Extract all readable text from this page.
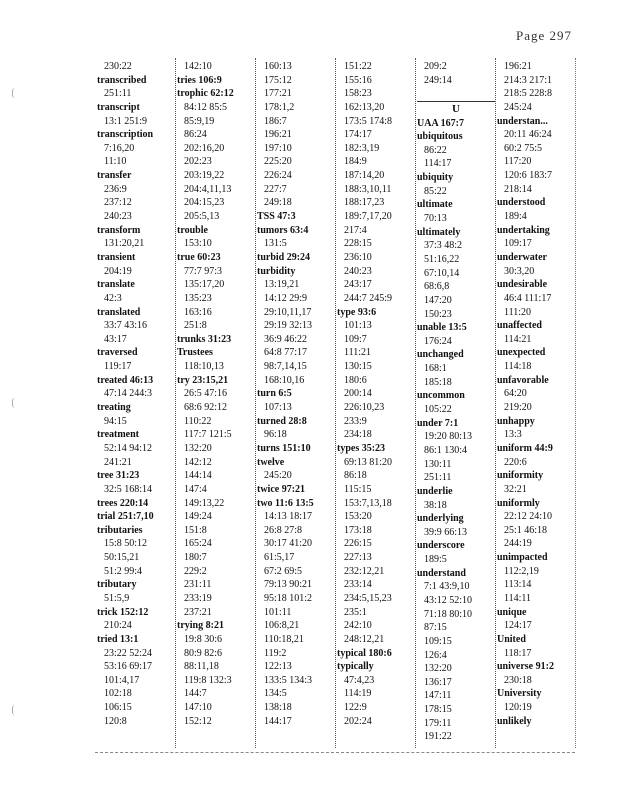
Page 297
230:22
transcribed
251:11
transcript
13:1 251:9
transcription
7:16,20
11:10
transfer
236:9
237:12
240:23
transform
131:20,21
transient
204:19
translate
42:3
translated
33:7 43:16
43:17
traversed
119:17
treated 46:13
47:14 244:3
treating
94:15
treatment
52:14 94:12
241:21
tree 31:23
32:5 168:14
trees 220:14
trial 251:7,10
tributaries
15:8 50:12
50:15,21
51:2 99:4
tributary
51:5,9
trick 152:12
210:24
tried 13:1
23:22 52:24
53:16 69:17
101:4,17
102:18
106:15
120:8
142:10
tries 106:9
trophic 62:12
84:12 85:5
85:9,19
86:24
202:16,20
202:23
203:19,22
204:4,11,13
204:15,23
205:5,13
trouble
153:10
true 60:23
77:7 97:3
135:17,20
135:23
163:16
251:8
trunks 31:23
Trustees
118:10,13
try 23:15,21
26:5 47:16
68:6 92:12
110:22
117:7 121:5
132:20
142:12
144:14
147:4
149:13,22
149:24
151:8
165:24
180:7
229:2
231:11
233:19
237:21
trying 8:21
19:8 30:6
80:9 82:6
88:11,18
119:8 132:3
144:7
147:10
152:12
160:13
175:12
177:21
178:1,2
186:7
196:21
197:10
225:20
226:24
227:7
249:18
TSS 47:3
tumors 63:4
131:5
turbid 29:24
turbidity
13:19,21
14:12 29:9
29:10,11,17
29:19 32:13
36:9 46:22
64:8 77:17
98:7,14,15
168:10,16
turn 6:5
107:13
turned 28:8
96:18
turns 151:10
twelve
245:20
twice 97:21
two 11:6 13:5
14:13 18:17
26:8 27:8
30:17 41:20
61:5,17
67:2 69:5
79:13 90:21
95:18 101:2
101:11
106:8,21
110:18,21
119:2
122:13
133:5 134:3
134:5
138:18
144:17
151:22
155:16
158:23
162:13,20
173:5 174:8
174:17
182:3,19
184:9
187:14,20
188:3,10,11
188:17,23
189:7,17,20
217:4
228:15
236:10
240:23
243:17
244:7 245:9
type 93:6
101:13
109:7
111:21
130:15
180:6
200:14
226:10,23
233:9
234:18
types 35:23
69:13 81:20
86:18
115:15
153:7,13,18
153:20
173:18
226:15
227:13
232:12,21
233:14
234:5,15,23
235:1
242:10
248:12,21
typical 180:6
typically
47:4,23
114:19
122:9
202:24
209:2
249:14
U
UAA 167:7
ubiquitous
86:22
114:17
ubiquity
85:22
ultimate
70:13
ultimately
37:3 48:2
51:16,22
67:10,14
68:6,8
147:20
150:23
unable 13:5
176:24
unchanged
168:1
185:18
uncommon
105:22
under 7:1
19:20 80:13
86:1 130:4
130:11
251:11
underlie
38:18
underlying
39:9 66:13
underscore
189:5
understand
7:1 43:9,10
43:12 52:10
71:18 80:10
87:15
109:15
126:4
132:20
136:17
147:11
178:15
179:11
191:22
196:21
214:3 217:1
218:5 228:8
245:24
understan...
20:11 46:24
60:2 75:5
117:20
120:6 183:7
218:14
understood
189:4
undertaking
109:17
underwater
30:3,20
undesirable
46:4 111:17
111:20
unaffected
114:21
unexpected
114:18
unfavorable
64:20
219:20
unhappy
13:3
uniform 44:9
220:6
uniformity
32:21
uniformly
22:12 24:10
25:1 46:18
244:19
unimpacted
112:2,19
113:14
114:11
unique
124:17
United
118:17
universe 91:2
230:18
University
120:19
unlikely
